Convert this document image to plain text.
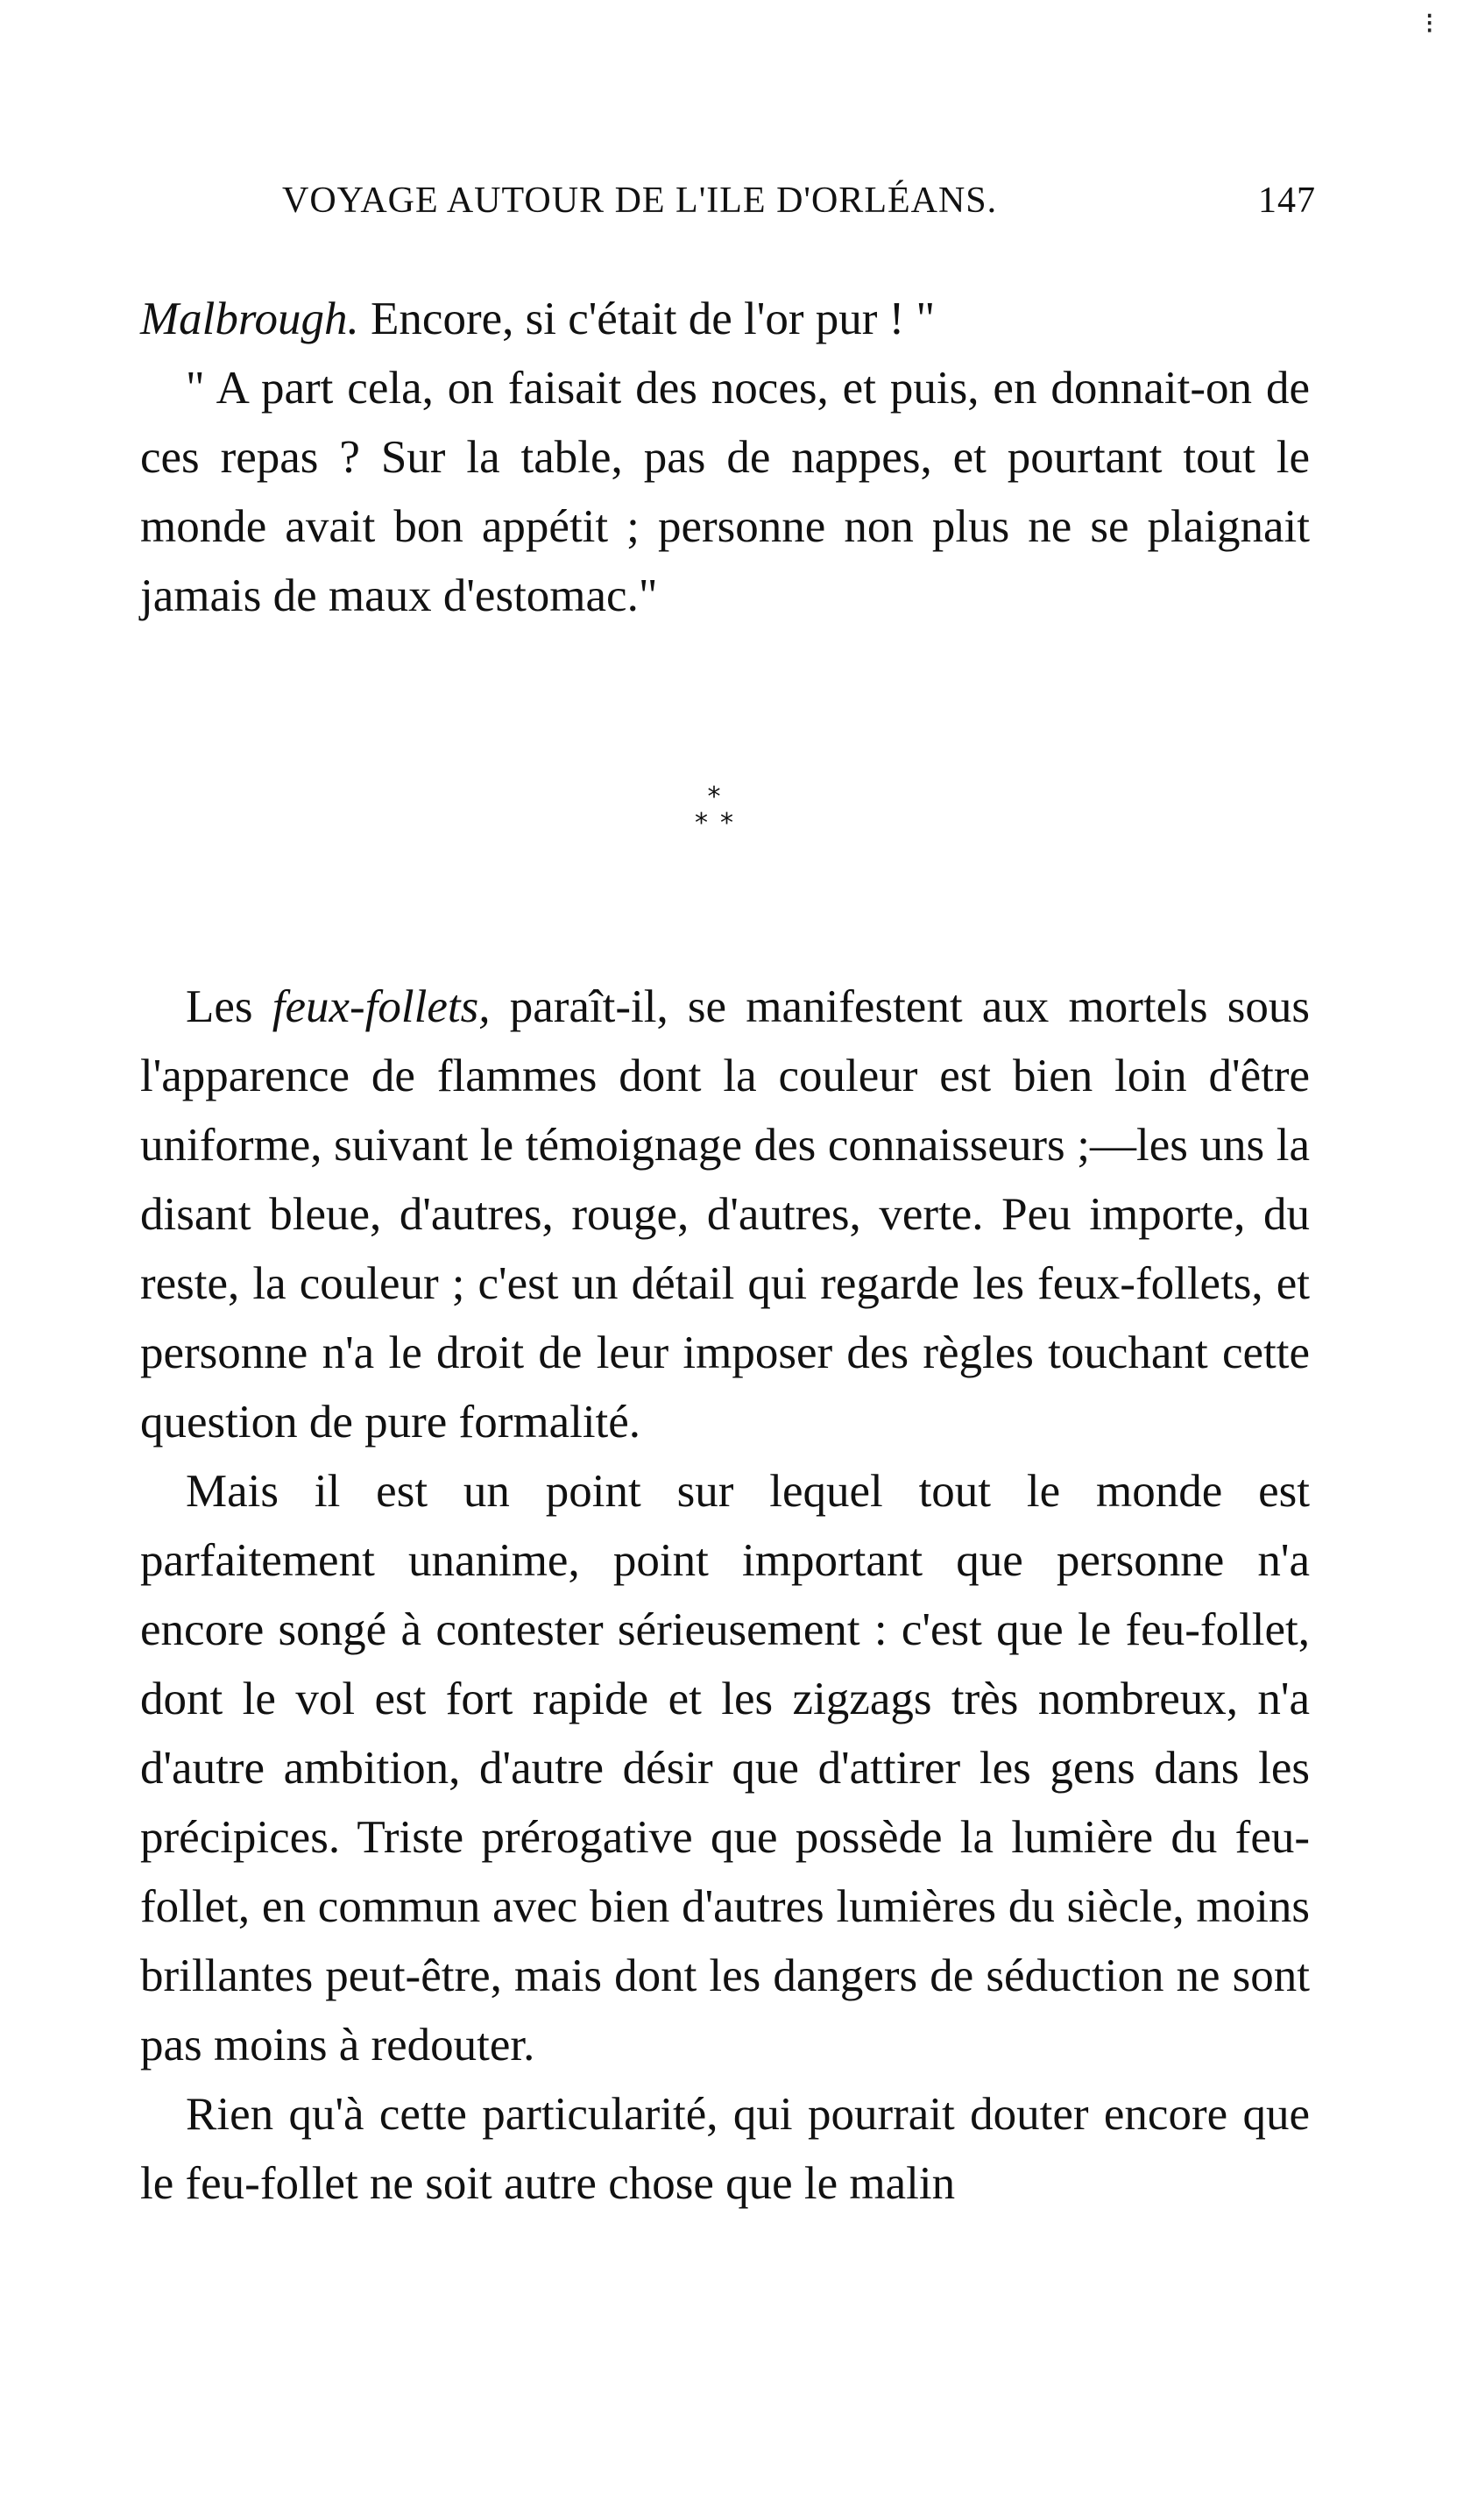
⁝
VOYAGE AUTOUR DE L'ILE D'ORLÉANS.	147

Malbrough. Encore, si c'était de l'or pur ! "

" A part cela, on faisait des noces, et puis, en donnait-on de ces repas ? Sur la table, pas de nappes, et pourtant tout le monde avait bon appétit ; personne non plus ne se plaignait jamais de maux d'estomac."

*
**

Les feux-follets, paraît-il, se manifestent aux mortels sous l'apparence de flammes dont la couleur est bien loin d'être uniforme, suivant le témoignage des connaisseurs ;—les uns la disant bleue, d'autres, rouge, d'autres, verte. Peu importe, du reste, la couleur ; c'est un détail qui regarde les feux-follets, et personne n'a le droit de leur imposer des règles touchant cette question de pure formalité.

Mais il est un point sur lequel tout le monde est parfaitement unanime, point important que personne n'a encore songé à contester sérieusement : c'est que le feu-follet, dont le vol est fort rapide et les zigzags très nombreux, n'a d'autre ambition, d'autre désir que d'attirer les gens dans les précipices. Triste prérogative que possède la lumière du feu-follet, en commun avec bien d'autres lumières du siècle, moins brillantes peut-être, mais dont les dangers de séduction ne sont pas moins à redouter.

Rien qu'à cette particularité, qui pourrait douter encore que le feu-follet ne soit autre chose que le malin
